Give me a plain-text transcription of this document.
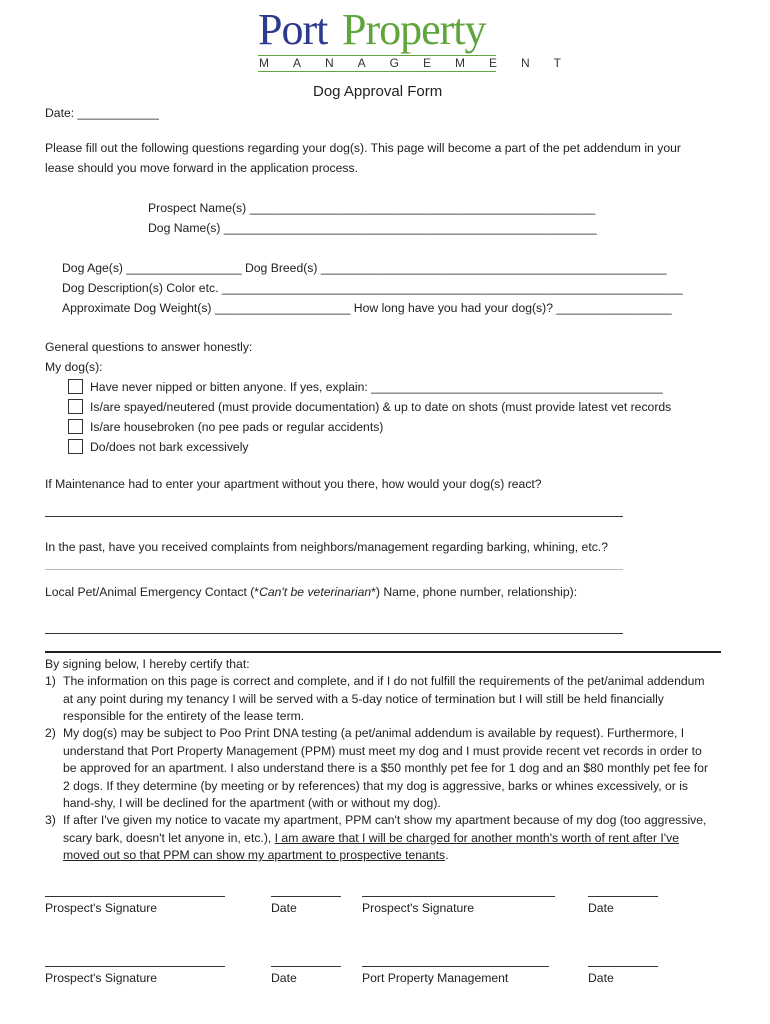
Port Property
MANAGEMENT
Dog Approval Form
Date: ____________
Please fill out the following questions regarding your dog(s). This page will become a part of the pet addendum in your
lease should you move forward in the application process.
Prospect Name(s) ___________________________________________________
Dog Name(s) _______________________________________________________
Dog Age(s) _________________ Dog Breed(s) ___________________________________________________
Dog Description(s) Color etc. ____________________________________________________________________
Approximate Dog Weight(s) ____________________ How long have you had your dog(s)? _________________
General questions to answer honestly:
My dog(s):
Have never nipped or bitten anyone. If yes, explain: ___________________________________________
Is/are spayed/neutered (must provide documentation) & up to date on shots (must provide latest vet records
Is/are housebroken (no pee pads or regular accidents)
Do/does not bark excessively
If Maintenance had to enter your apartment without you there, how would your dog(s) react?
In the past, have you received complaints from neighbors/management regarding barking, whining, etc.?
Local Pet/Animal Emergency Contact (*Can't be veterinarian*) Name, phone number, relationship):
By signing below, I hereby certify that:
1) The information on this page is correct and complete, and if I do not fulfill the requirements of the pet/animal addendum at any point during my tenancy I will be served with a 5-day notice of termination but I will still be held financially responsible for the entirety of the lease term.
2) My dog(s) may be subject to Poo Print DNA testing (a pet/animal addendum is available by request). Furthermore, I understand that Port Property Management (PPM) must meet my dog and I must provide recent vet records in order to be approved for an apartment. I also understand there is a $50 monthly pet fee for 1 dog and an $80 monthly pet fee for 2 dogs. If they determine (by meeting or by references) that my dog is aggressive, barks or whines excessively, or is hand-shy, I will be declined for the apartment (with or without my dog).
3) If after I've given my notice to vacate my apartment, PPM can't show my apartment because of my dog (too aggressive, scary bark, doesn't let anyone in, etc.), I am aware that I will be charged for another month's worth of rent after I've moved out so that PPM can show my apartment to prospective tenants.
Prospect's Signature	Date	Prospect's Signature	Date
Prospect's Signature	Date	Port Property Management	Date
